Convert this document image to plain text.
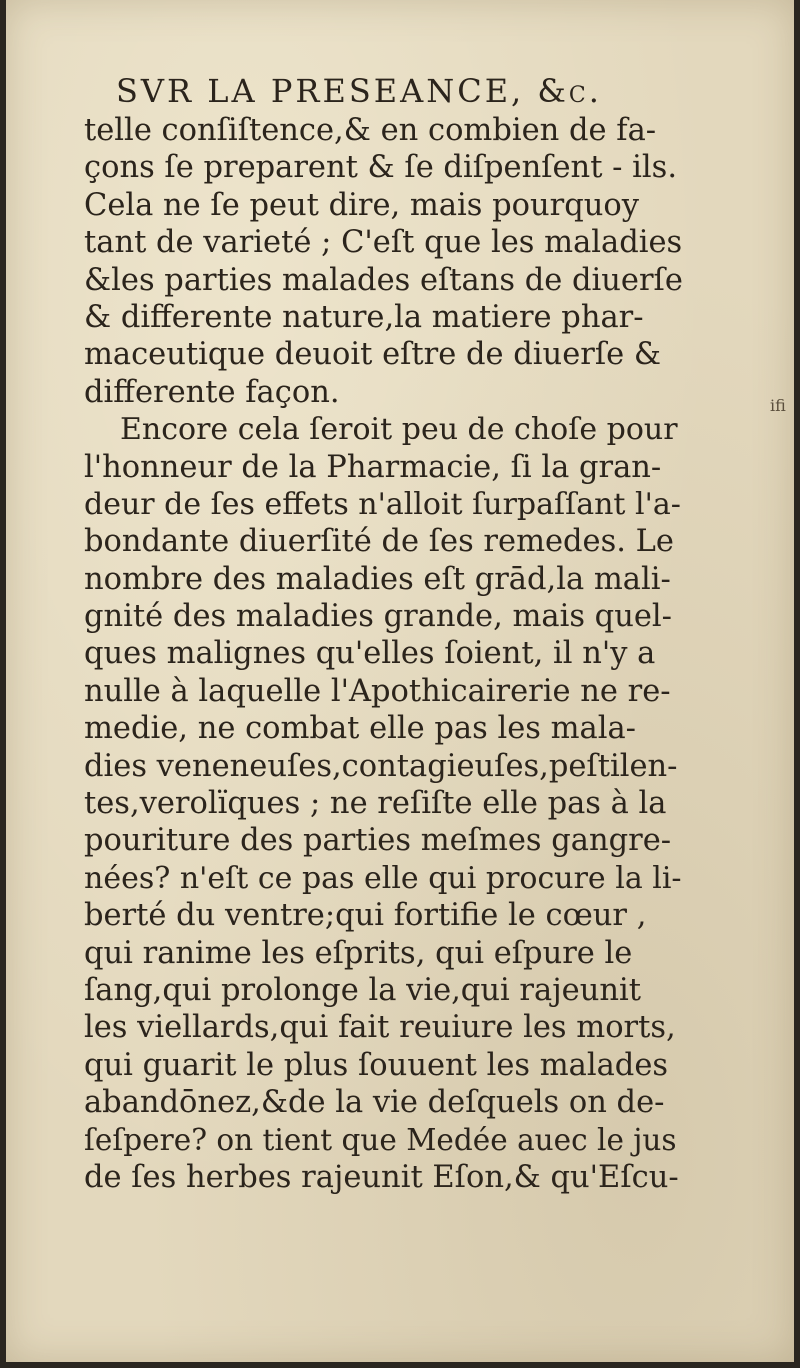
SVR LA PRESEANCE, &c.
telle conſiſtence,& en combien de fa-
çons ſe preparent & ſe diſpenſent - ils.
Cela ne ſe peut dire, mais pourquoy
tant de varieté ; C'eſt que les maladies
&les parties malades eſtans de diuerſe
& differente nature,la matiere phar-
maceutique deuoit eſtre de diuerſe &
differente façon.
Encore cela ſeroit peu de choſe pour
l'honneur de la Pharmacie, ſi la gran-
deur de ſes effets n'alloit ſurpaſſant l'a-
bondante diuerſité de ſes remedes. Le
nombre des maladies eſt grād,la mali-
gnité des maladies grande, mais quel-
ques malignes qu'elles ſoient, il n'y a
nulle à laquelle l'Apothicairerie ne re-
medie, ne combat elle pas les mala-
dies veneneuſes,contagieuſes,peſtilen-
tes,verolïques ; ne reſiſte elle pas à la
pouriture des parties meſmes gangre-
nées? n'eſt ce pas elle qui procure la li-
berté du ventre;qui fortifie le cœur ,
qui ranime les eſprits, qui eſpure le
ſang,qui prolonge la vie,qui rajeunit
les viellards,qui fait reuiure les morts,
qui guarit le plus ſouuent les malades
abandōnez,&de la vie deſquels on de-
ſeſpere? on tient que Medée auec le jus
de ſes herbes rajeunit Eſon,& qu'Eſcu-
ifi
